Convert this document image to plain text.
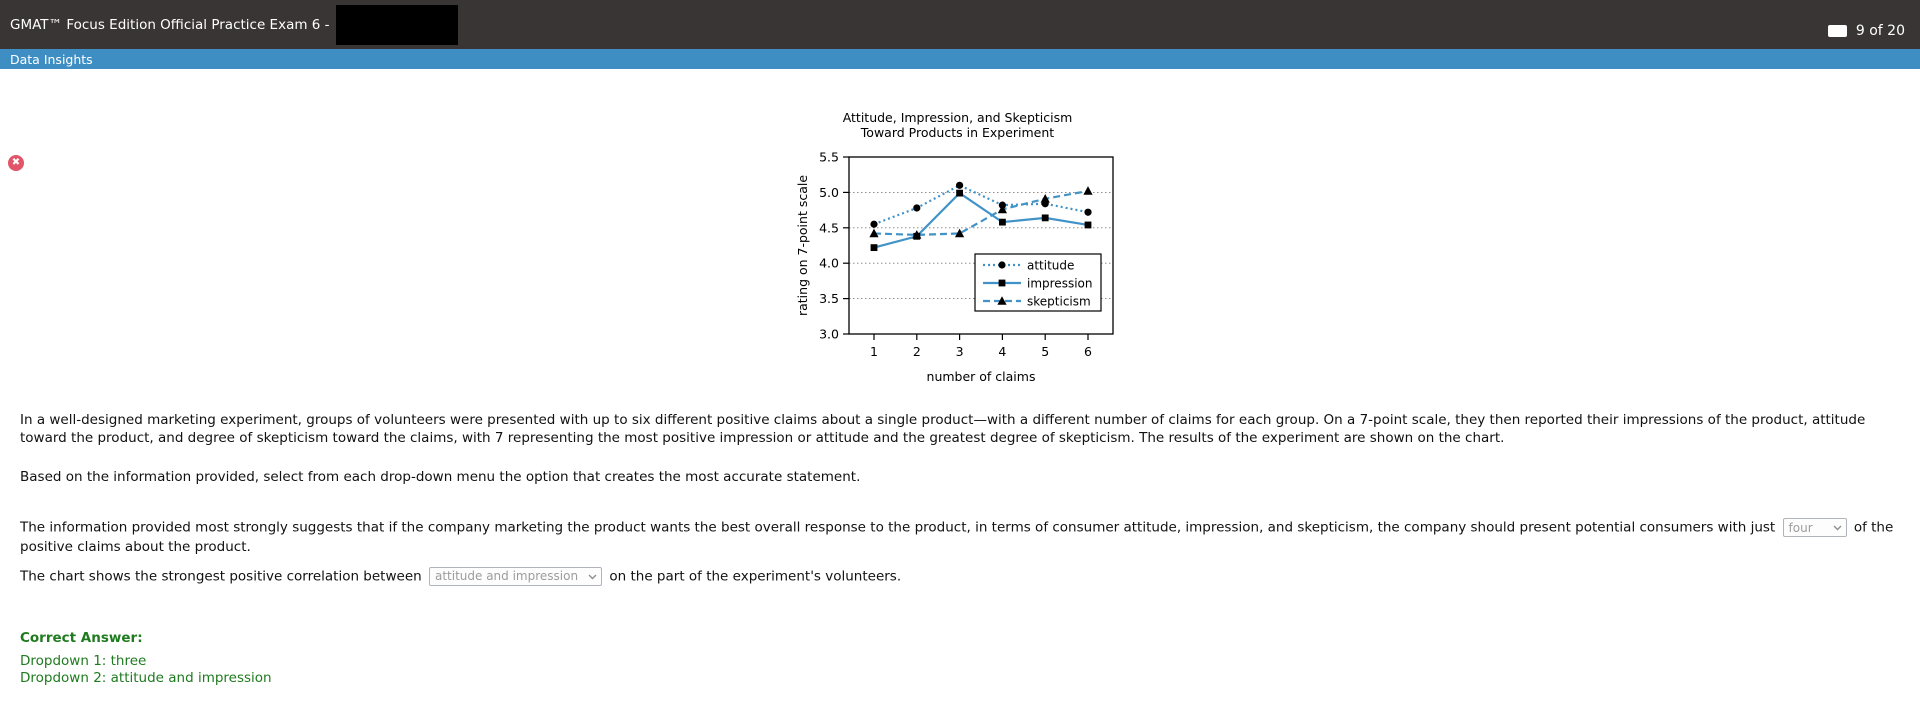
GMAT™ Focus Edition Official Practice Exam 6 -	9 of 20
Data Insights
✖
Attitude, Impression, and Skepticism
Toward Products in Experiment
3.0
3.5
4.0
4.5
5.0
5.5
1	2	3	4	5	6
attitude
impression
skepticism
number of claims
rating on 7-point scale

In a well-designed marketing experiment, groups of volunteers were presented with up to six different positive claims about a single product—with a different number of claims for each group. On a 7-point scale, they then reported their impressions of the product, attitude toward the product, and degree of skepticism toward the claims, with 7 representing the most positive impression or attitude and the greatest degree of skepticism. The results of the experiment are shown on the chart.

Based on the information provided, select from each drop-down menu the option that creates the most accurate statement.

The information provided most strongly suggests that if the company marketing the product wants the best overall response to the product, in terms of consumer attitude, impression, and skepticism, the company should present potential consumers with just four	of the positive claims about the product.

The chart shows the strongest positive correlation between attitude and impression on the part of the experiment's volunteers.

Correct Answer:
Dropdown 1: three
Dropdown 2: attitude and impression
